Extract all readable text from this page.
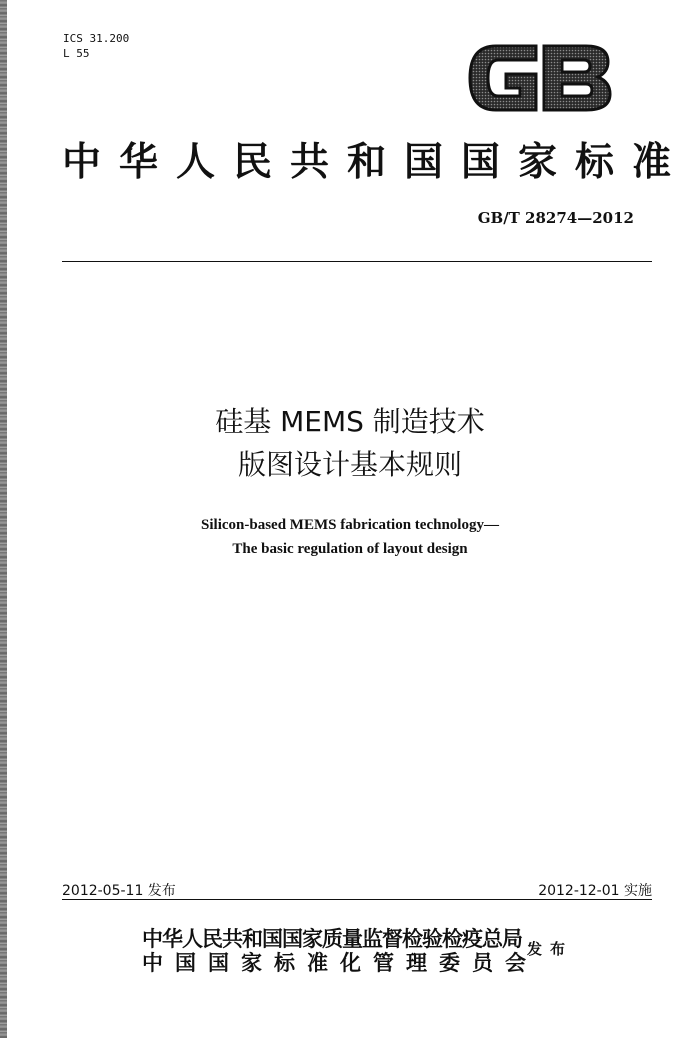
ICS 31.200
L 55
中华人民共和国国家标准
GB/T 28274—2012
硅基 MEMS 制造技术
版图设计基本规则
Silicon-based MEMS fabrication technology—
The basic regulation of layout design
2012-05-11 发布	2012-12-01 实施
中华人民共和国国家质量监督检验检疫总局
中国国家标准化管理委员会
发布
